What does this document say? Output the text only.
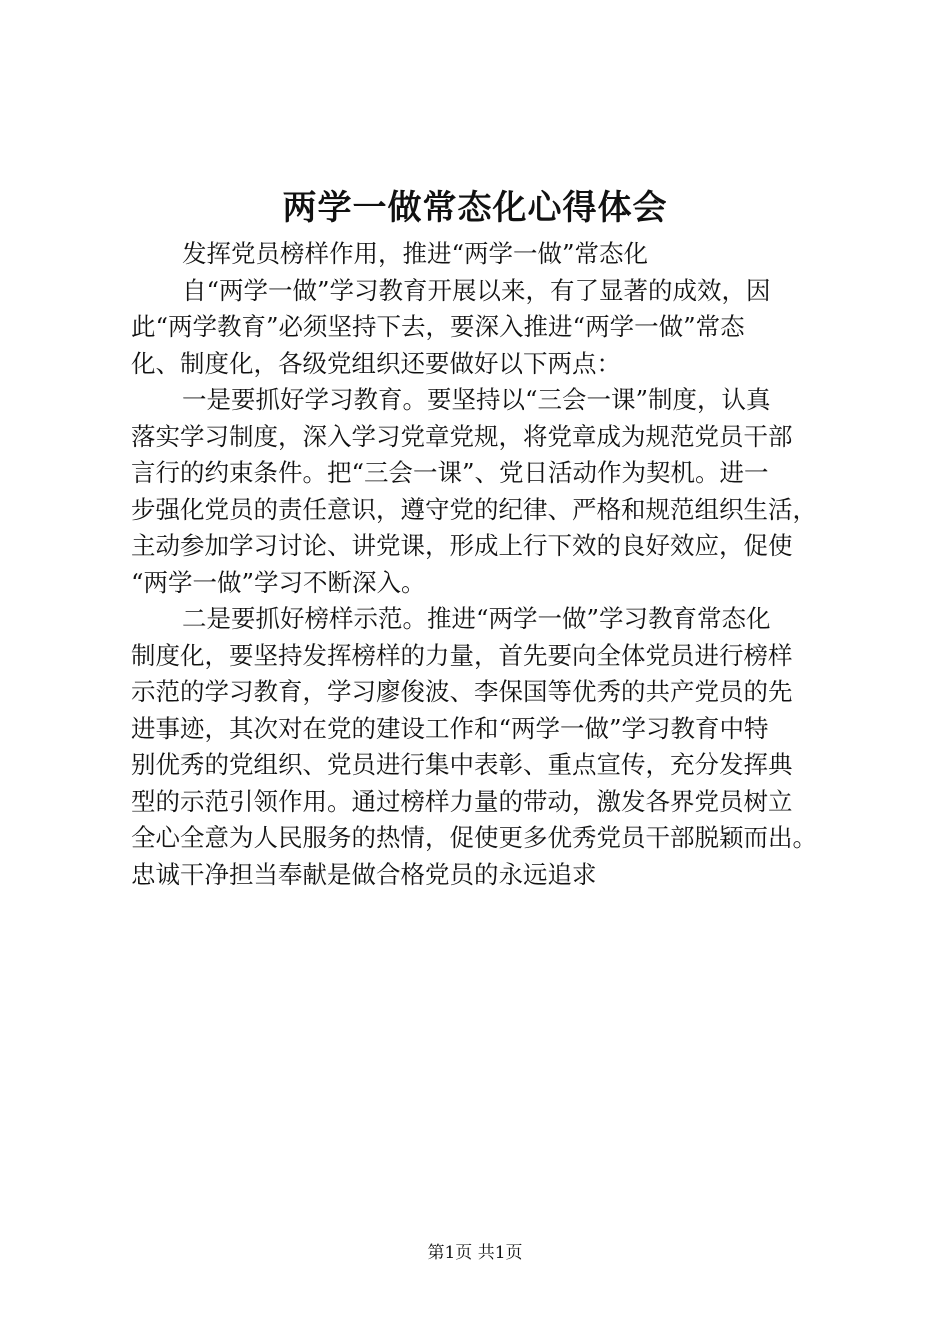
两学一做常态化心得体会
发挥党员榜样作用，推进“两学一做”常态化
自“两学一做”学习教育开展以来，有了显著的成效，因
此“两学教育”必须坚持下去，要深入推进“两学一做”常态
化、制度化，各级党组织还要做好以下两点：
一是要抓好学习教育。要坚持以“三会一课”制度，认真
落实学习制度，深入学习党章党规，将党章成为规范党员干部
言行的约束条件。把“三会一课”、党日活动作为契机。进一
步强化党员的责任意识，遵守党的纪律、严格和规范组织生活，
主动参加学习讨论、讲党课，形成上行下效的良好效应，促使
“两学一做”学习不断深入。
二是要抓好榜样示范。推进“两学一做”学习教育常态化
制度化，要坚持发挥榜样的力量，首先要向全体党员进行榜样
示范的学习教育，学习廖俊波、李保国等优秀的共产党员的先
进事迹，其次对在党的建设工作和“两学一做”学习教育中特
别优秀的党组织、党员进行集中表彰、重点宣传，充分发挥典
型的示范引领作用。通过榜样力量的带动，激发各界党员树立
全心全意为人民服务的热情，促使更多优秀党员干部脱颖而出。
忠诚干净担当奉献是做合格党员的永远追求
第1页 共1页
